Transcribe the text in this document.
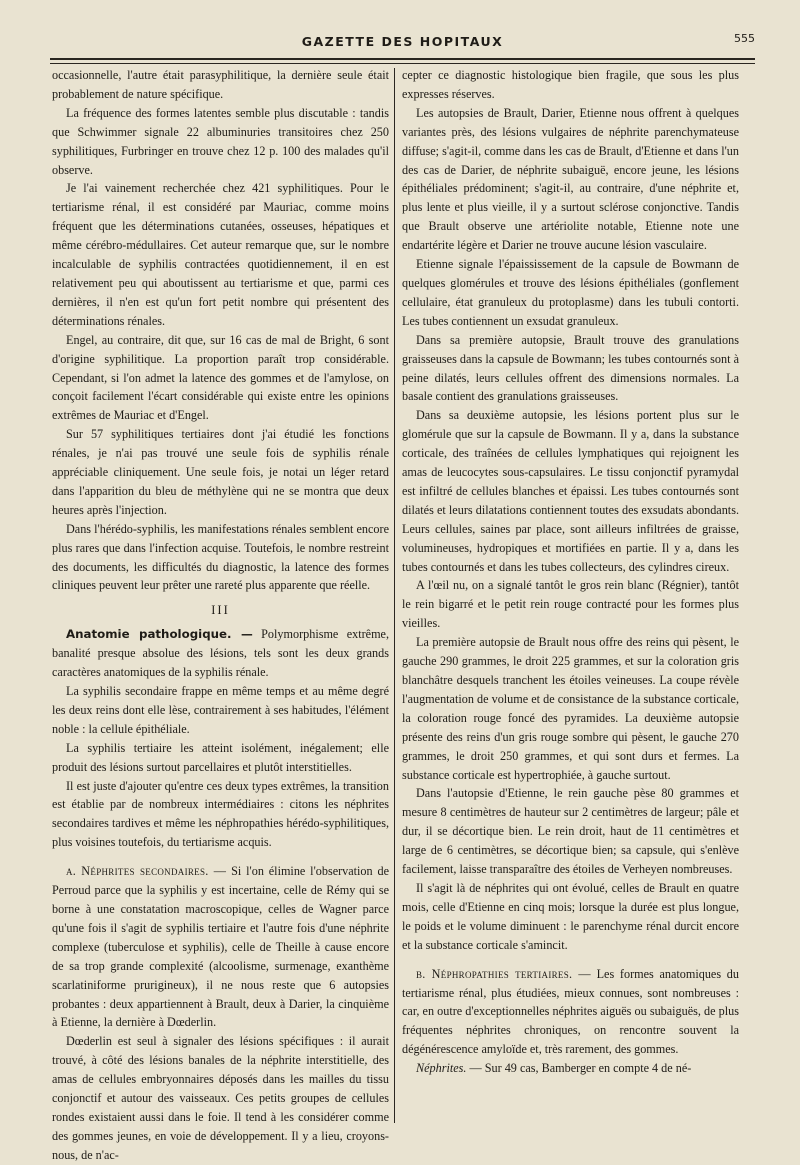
GAZETTE DES HOPITAUX	555

occasionnelle, l'autre était parasyphilitique, la dernière seule était probablement de nature spécifique.

La fréquence des formes latentes semble plus discutable : tandis que Schwimmer signale 22 albuminuries transitoires chez 250 syphilitiques, Furbringer en trouve chez 12 p. 100 des malades qu'il observe.

Je l'ai vainement recherchée chez 421 syphilitiques. Pour le tertiarisme rénal, il est considéré par Mauriac, comme moins fréquent que les déterminations cutanées, osseuses, hépatiques et même cérébro-médullaires. Cet auteur remarque que, sur le nombre incalculable de syphilis contractées quotidiennement, il en est relativement peu qui aboutissent au tertiarisme et que, parmi ces dernières, il n'en est qu'un fort petit nombre qui présentent des déterminations rénales.

Engel, au contraire, dit que, sur 16 cas de mal de Bright, 6 sont d'origine syphilitique. La proportion paraît trop considérable. Cependant, si l'on admet la latence des gommes et de l'amylose, on conçoit facilement l'écart considérable qui existe entre les opinions extrêmes de Mauriac et d'Engel.

Sur 57 syphilitiques tertiaires dont j'ai étudié les fonctions rénales, je n'ai pas trouvé une seule fois de syphilis rénale appréciable cliniquement. Une seule fois, je notai un léger retard dans l'apparition du bleu de méthylène qui ne se montra que deux heures après l'injection.

Dans l'hérédo-syphilis, les manifestations rénales semblent encore plus rares que dans l'infection acquise. Toutefois, le nombre restreint des documents, les difficultés du diagnostic, la latence des formes cliniques peuvent leur prêter une rareté plus apparente que réelle.

III

Anatomie pathologique. — Polymorphisme extrême, banalité presque absolue des lésions, tels sont les deux grands caractères anatomiques de la syphilis rénale.

La syphilis secondaire frappe en même temps et au même degré les deux reins dont elle lèse, contrairement à ses habitudes, l'élément noble : la cellule épithéliale.

La syphilis tertiaire les atteint isolément, inégalement; elle produit des lésions surtout parcellaires et plutôt interstitielles.

Il est juste d'ajouter qu'entre ces deux types extrêmes, la transition est établie par de nombreux intermédiaires : citons les néphrites secondaires tardives et même les néphropathies hérédo-syphilitiques, plus voisines toutefois, du tertiarisme acquis.

a. Néphrites secondaires. — Si l'on élimine l'observation de Perroud parce que la syphilis y est incertaine, celle de Rémy qui se borne à une constatation macroscopique, celles de Wagner parce qu'une fois il s'agit de syphilis tertiaire et l'autre fois d'une néphrite complexe (tuberculose et syphilis), celle de Theille à cause encore de sa trop grande complexité (alcoolisme, surmenage, exanthème scarlatiniforme prurigineux), il ne nous reste que 6 autopsies probantes : deux appartiennent à Brault, deux à Darier, la cinquième à Etienne, la dernière à Dœderlin.

Dœderlin est seul à signaler des lésions spécifiques : il aurait trouvé, à côté des lésions banales de la néphrite interstitielle, des amas de cellules embryonnaires déposés dans les mailles du tissu conjonctif et autour des vaisseaux. Ces petits groupes de cellules rondes existaient aussi dans le foie. Il tend à les considérer comme des gommes jeunes, en voie de développement. Il y a lieu, croyons-nous, de n'ac-

cepter ce diagnostic histologique bien fragile, que sous les plus expresses réserves.

Les autopsies de Brault, Darier, Etienne nous offrent à quelques variantes près, des lésions vulgaires de néphrite parenchymateuse diffuse; s'agit-il, comme dans les cas de Brault, d'Etienne et dans l'un des cas de Darier, de néphrite subaiguë, encore jeune, les lésions épithéliales prédominent; s'agit-il, au contraire, d'une néphrite et, plus lente et plus vieille, il y a surtout sclérose conjonctive. Tandis que Brault observe une artériolite notable, Etienne note une endartérite légère et Darier ne trouve aucune lésion vasculaire.

Etienne signale l'épaississement de la capsule de Bowmann de quelques glomérules et trouve des lésions épithéliales (gonflement cellulaire, état granuleux du protoplasme) dans les tubuli contorti. Les tubes contiennent un exsudat granuleux.

Dans sa première autopsie, Brault trouve des granulations graisseuses dans la capsule de Bowmann; les tubes contournés sont à peine dilatés, leurs cellules offrent des dimensions normales. La basale contient des granulations graisseuses.

Dans sa deuxième autopsie, les lésions portent plus sur le glomérule que sur la capsule de Bowmann. Il y a, dans la substance corticale, des traînées de cellules lymphatiques qui rejoignent les amas de leucocytes sous-capsulaires. Le tissu conjonctif pyramydal est infiltré de cellules blanches et épaissi. Les tubes contournés sont dilatés et leurs dilatations contiennent toutes des exsudats abondants. Leurs cellules, saines par place, sont ailleurs infiltrées de graisse, volumineuses, hydropiques et mortifiées en partie. Il y a, dans les tubes contournés et dans les tubes collecteurs, des cylindres cireux.

A l'œil nu, on a signalé tantôt le gros rein blanc (Régnier), tantôt le rein bigarré et le petit rein rouge contracté pour les formes plus vieilles.

La première autopsie de Brault nous offre des reins qui pèsent, le gauche 290 grammes, le droit 225 grammes, et sur la coloration gris blanchâtre desquels tranchent les étoiles veineuses. La coupe révèle l'augmentation de volume et de consistance de la substance corticale, la coloration rouge foncé des pyramides. La deuxième autopsie présente des reins d'un gris rouge sombre qui pèsent, le gauche 270 grammes, le droit 250 grammes, et qui sont durs et fermes. La substance corticale est hypertrophiée, à gauche surtout.

Dans l'autopsie d'Etienne, le rein gauche pèse 80 grammes et mesure 8 centimètres de hauteur sur 2 centimètres de largeur; pâle et dur, il se décortique bien. Le rein droit, haut de 11 centimètres et large de 6 centimètres, se décortique bien; sa capsule, qui s'enlève facilement, laisse transparaître des étoiles de Verheyen nombreuses.

Il s'agit là de néphrites qui ont évolué, celles de Brault en quatre mois, celle d'Etienne en cinq mois; lorsque la durée est plus longue, le poids et le volume diminuent : le parenchyme rénal durcit encore et la substance corticale s'amincit.

b. Néphropathies tertiaires. — Les formes anatomiques du tertiarisme rénal, plus étudiées, mieux connues, sont nombreuses : car, en outre d'exceptionnelles néphrites aiguës ou subaiguës, de plus fréquentes néphrites chroniques, on rencontre souvent la dégénérescence amyloïde et, très rarement, des gommes.

Néphrites. — Sur 49 cas, Bamberger en compte 4 de né-
